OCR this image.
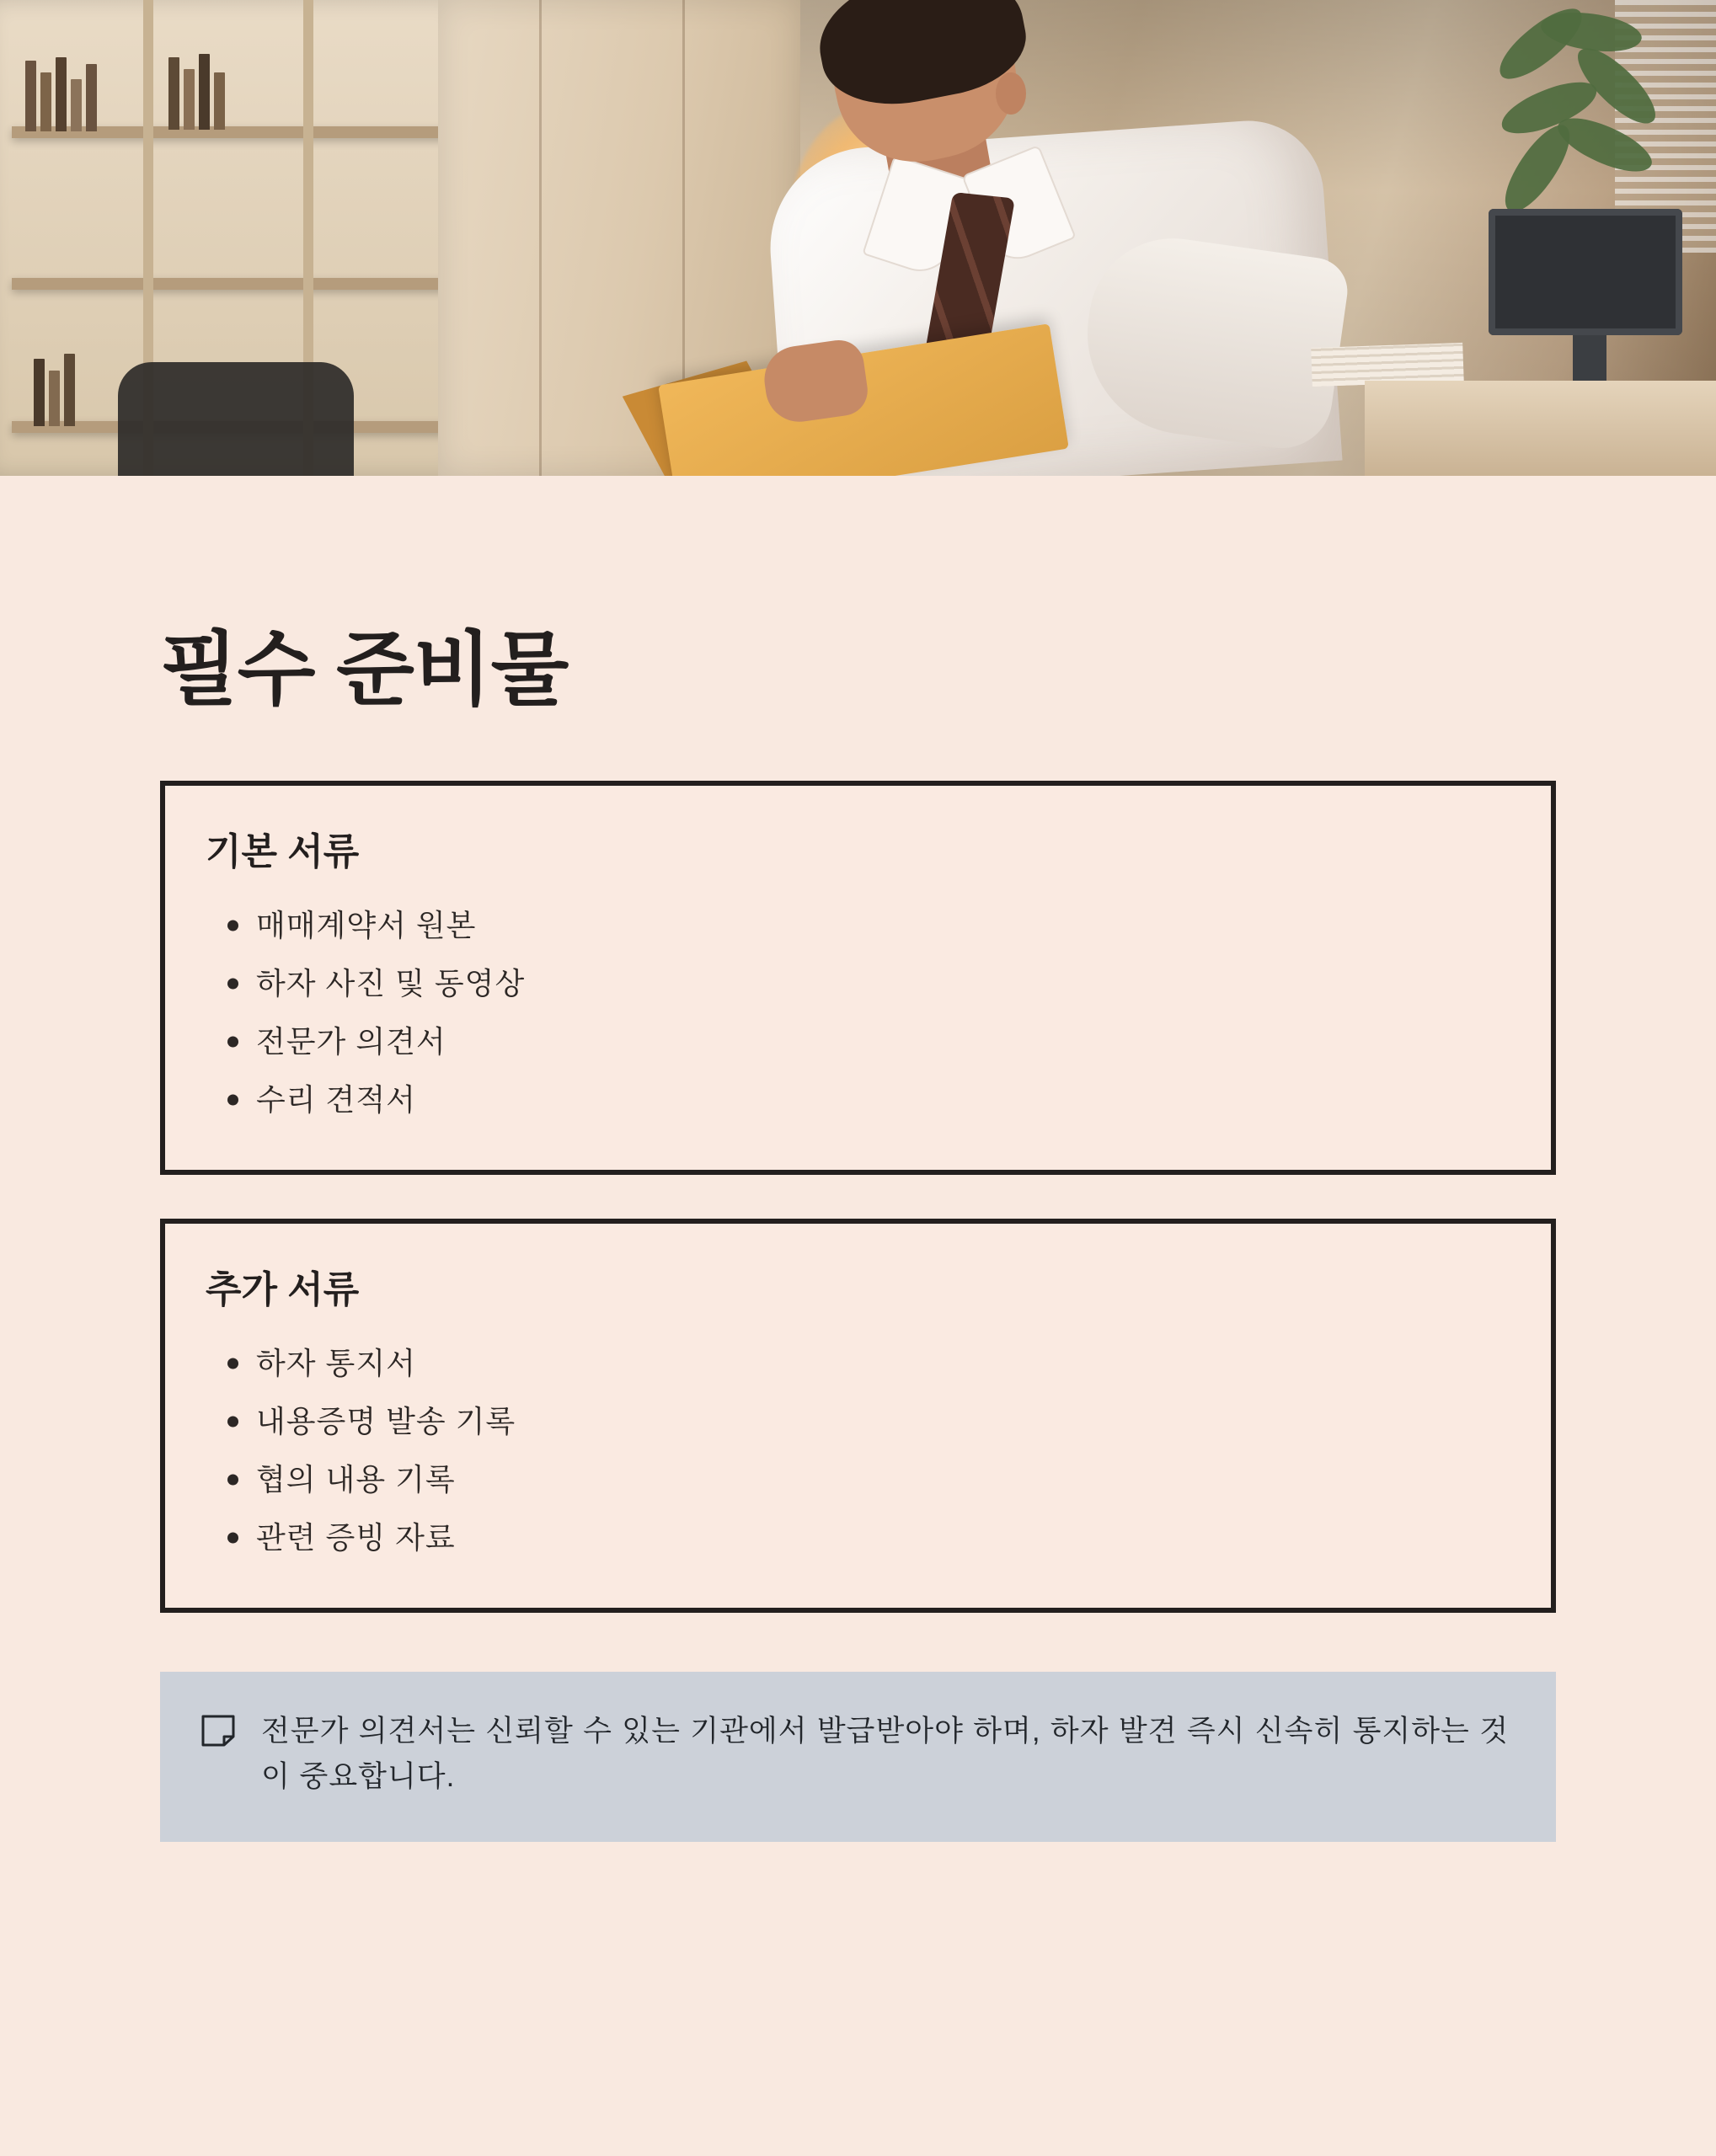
필수 준비물
기본 서류
매매계약서 원본
하자 사진 및 동영상
전문가 의견서
수리 견적서
추가 서류
하자 통지서
내용증명 발송 기록
협의 내용 기록
관련 증빙 자료
전문가 의견서는 신뢰할 수 있는 기관에서 발급받아야 하며, 하자 발견 즉시 신속히 통지하는 것이 중요합니다.
